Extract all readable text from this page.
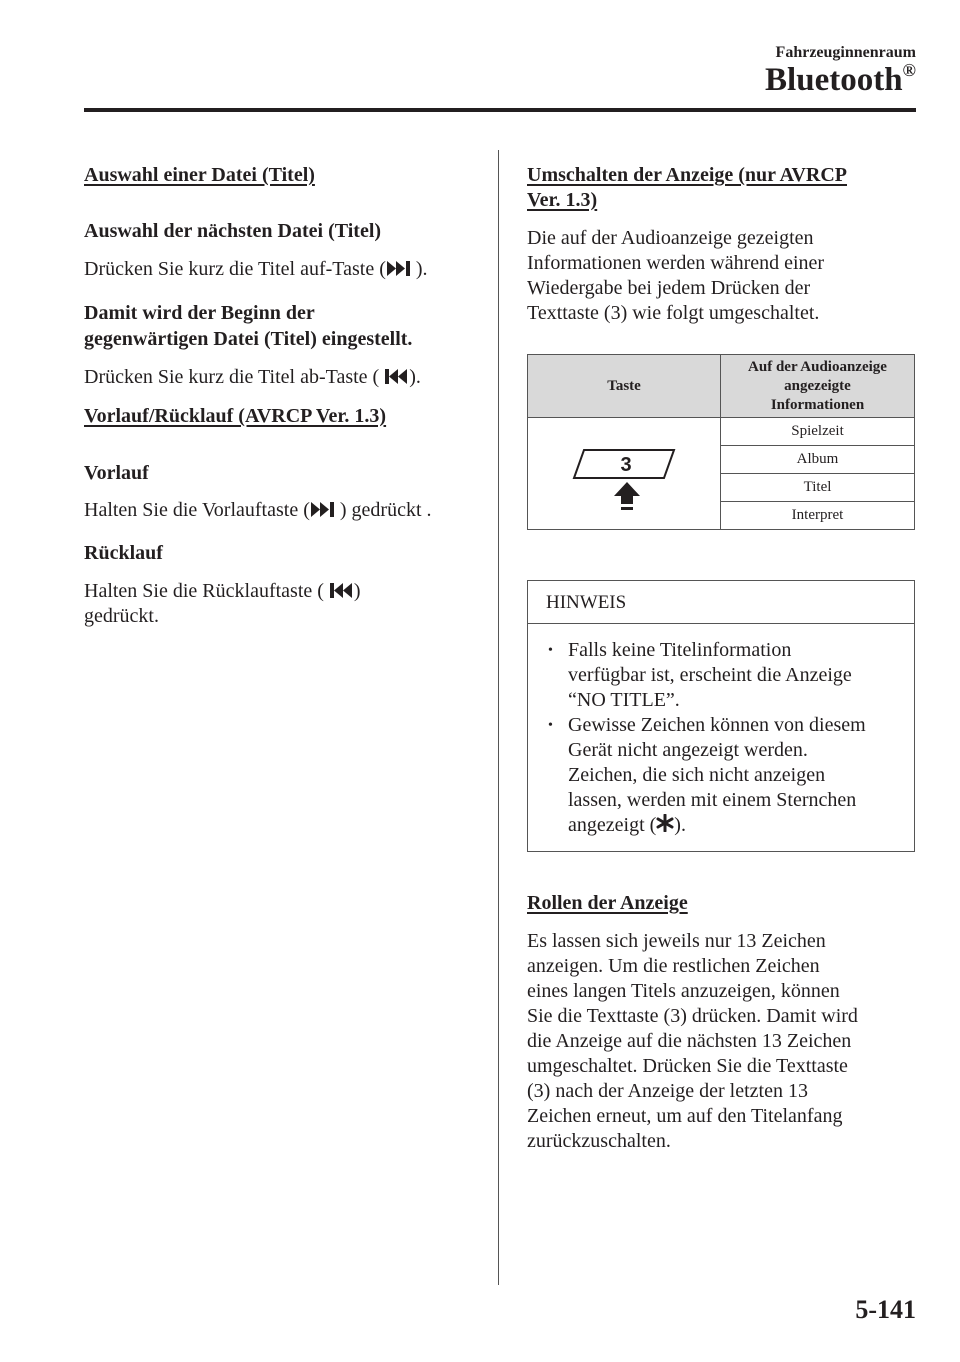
Fahrzeuginnenraum
Bluetooth®
Auswahl einer Datei (Titel)
Auswahl der nächsten Datei (Titel)
Drücken Sie kurz die Titel auf-Taste ( ).
Damit wird der Beginn der
gegenwärtigen Datei (Titel) eingestellt.
Drücken Sie kurz die Titel ab-Taste ( ).
Vorlauf/Rücklauf (AVRCP Ver. 1.3)
Vorlauf
Halten Sie die Vorlauftaste ( ) gedrückt .
Rücklauf
Halten Sie die Rücklauftaste ( )
gedrückt.
Umschalten der Anzeige (nur AVRCP
Ver. 1.3)
Die auf der Audioanzeige gezeigten
Informationen werden während einer
Wiedergabe bei jedem Drücken der
Texttaste (3) wie folgt umgeschaltet.
Taste	Auf der Audioanzeige
angezeigte
Informationen

3	Spielzeit
	Album
	Titel
	Interpret
HINWEIS
• Falls keine Titelinformation
verfügbar ist, erscheint die Anzeige
“NO TITLE”.
• Gewisse Zeichen können von diesem
Gerät nicht angezeigt werden.
Zeichen, die sich nicht anzeigen
lassen, werden mit einem Sternchen
angezeigt ( ).
Rollen der Anzeige
Es lassen sich jeweils nur 13 Zeichen
anzeigen. Um die restlichen Zeichen
eines langen Titels anzuzeigen, können
Sie die Texttaste (3) drücken. Damit wird
die Anzeige auf die nächsten 13 Zeichen
umgeschaltet. Drücken Sie die Texttaste
(3) nach der Anzeige der letzten 13
Zeichen erneut, um auf den Titelanfang
zurückzuschalten.
5-141
